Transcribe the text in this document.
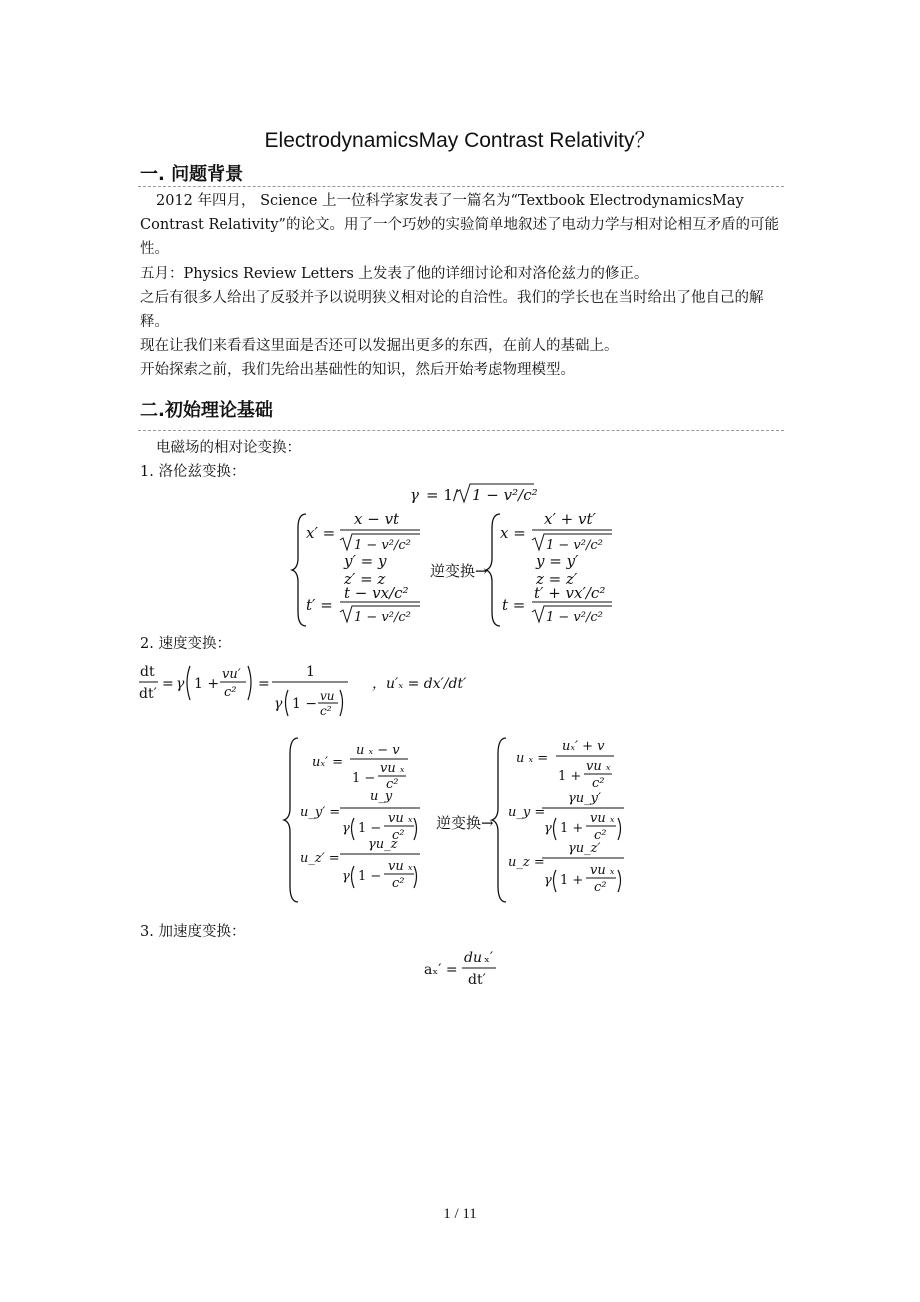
ElectrodynamicsMay Contrast Relativity？
一. 问题背景
2012 年四月， Science 上一位科学家发表了一篇名为“Textbook ElectrodynamicsMay Contrast Relativity”的论文。用了一个巧妙的实验简单地叙述了电动力学与相对论相互矛盾的可能性。
五月：Physics Review Letters 上发表了他的详细讨论和对洛伦兹力的修正。
之后有很多人给出了反驳并予以说明狭义相对论的自洽性。我们的学长也在当时给出了他自己的解释。
现在让我们来看看这里面是否还可以发掘出更多的东西，在前人的基础上。
开始探索之前，我们先给出基础性的知识，然后开始考虑物理模型。
二.初始理论基础
电磁场的相对论变换：
1. 洛伦兹变换：
γ = 1/ 1 − v²/c²
x′ =
x − vt
1 − v²/c²
y′ = y
z′ = z
t′ =
t − vx/c²
1 − v²/c²
逆变换→
x =
x′ + vt′
1 − v²/c²
y = y′
z = z′
t =
t′ + vx′/c²
1 − v²/c²
2. 速度变换：
dt
dt′
= γ 1 +
vu′
c²
=
1
γ 1 − vu
c²
，u′ₓ = dx′/dt′
uₓ′ =
u ₓ − v
1 −
vu ₓ
c²
u_y′ =
u_y
γ 1 −
vu ₓ
c²
u_z′ =
γu_z
γ 1 −
vu ₓ
c²
逆变换→
u ₓ =
uₓ′ + v
1 +
vu ₓ
c²
u_y =
γu_y′
γ 1 +
vu ₓ
c²
u_z =
γu_z′
γ 1 +
vu ₓ
c²
3. 加速度变换：
aₓ′ =
du ₓ′
dt′
1 / 11
